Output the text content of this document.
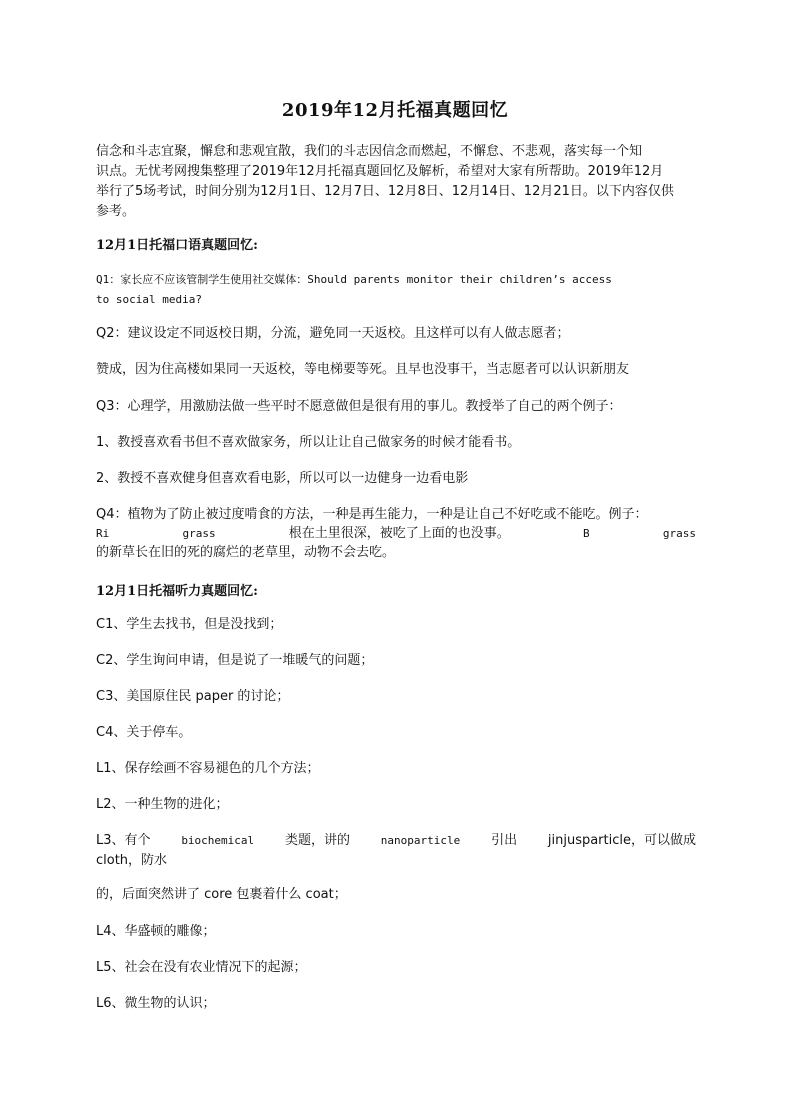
2019年12月托福真题回忆
信念和斗志宜聚，懈怠和悲观宜散，我们的斗志因信念而燃起，不懈怠、不悲观，落实每一个知
识点。无忧考网搜集整理了2019年12月托福真题回忆及解析，希望对大家有所帮助。2019年12月
举行了5场考试，时间分别为12月1日、12月7日、12月8日、12月14日、12月21日。以下内容仅供
参考。
12月1日托福口语真题回忆:
Q1：家长应不应该管制学生使用社交媒体：Should parents monitor their children’s access
to social media?
Q2：建议设定不同返校日期，分流，避免同一天返校。且这样可以有人做志愿者；
赞成，因为住高楼如果同一天返校，等电梯要等死。且早也没事干，当志愿者可以认识新朋友
Q3：心理学，用激励法做一些平时不愿意做但是很有用的事儿。教授举了自己的两个例子：
1、教授喜欢看书但不喜欢做家务，所以让让自己做家务的时候才能看书。
2、教授不喜欢健身但喜欢看电影，所以可以一边健身一边看电影
Q4：植物为了防止被过度啃食的方法，一种是再生能力，一种是让自己不好吃或不能吃。例子：
Ri	grass	根在土里很深，被吃了上面的也没事。	B	grass
的新草长在旧的死的腐烂的老草里，动物不会去吃。
12月1日托福听力真题回忆:
C1、学生去找书，但是没找到；
C2、学生询问申请，但是说了一堆暖气的问题；
C3、美国原住民 paper 的讨论；
C4、关于停车。
L1、保存绘画不容易褪色的几个方法；
L2、一种生物的进化；
L3、有个	biochemical 类题，讲的	nanoparticle 引出 jinjusparticle，可以做成
cloth，防水
的，后面突然讲了 core 包裹着什么 coat；
L4、华盛顿的雕像；
L5、社会在没有农业情况下的起源；
L6、微生物的认识；
